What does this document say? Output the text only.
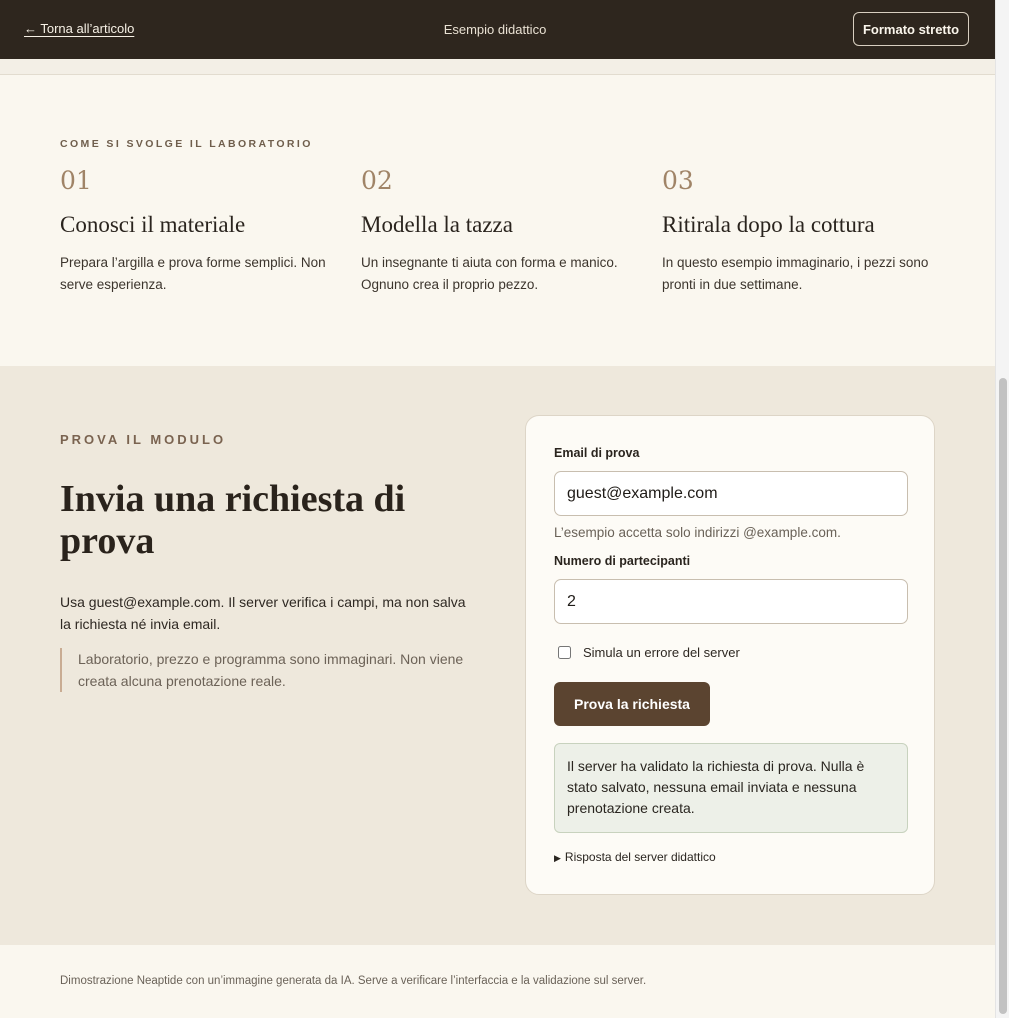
← Torna all’articolo	Esempio didattico	Formato stretto
COME SI SVOLGE IL LABORATORIO
01
Conosci il materiale
Prepara l’argilla e prova forme semplici. Non serve esperienza.
02
Modella la tazza
Un insegnante ti aiuta con forma e manico. Ognuno crea il proprio pezzo.
03
Ritirala dopo la cottura
In questo esempio immaginario, i pezzi sono pronti in due settimane.
PROVA IL MODULO
Invia una richiesta di prova

Usa guest@example.com. Il server verifica i campi, ma non salva la richiesta né invia email.

Laboratorio, prezzo e programma sono immaginari. Non viene creata alcuna prenotazione reale.
Email di prova
guest@example.com
L’esempio accetta solo indirizzi @example.com.
Numero di partecipanti
2
Simula un errore del server
Prova la richiesta
Il server ha validato la richiesta di prova. Nulla è stato salvato, nessuna email inviata e nessuna prenotazione creata.
▶ Risposta del server didattico
Dimostrazione Neaptide con un’immagine generata da IA. Serve a verificare l’interfaccia e la validazione sul server.
